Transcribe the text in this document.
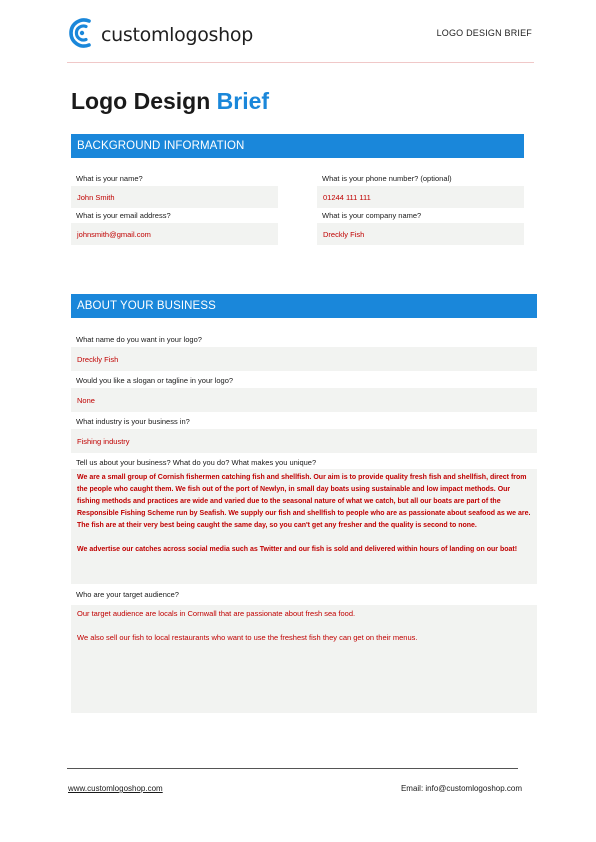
customlogoshop	LOGO DESIGN BRIEF
Logo Design Brief
BACKGROUND INFORMATION
What is your name?
John Smith
What is your email address?
johnsmith@gmail.com
What is your phone number? (optional)
01244 111 111
What is your company name?
Dreckly Fish
ABOUT YOUR BUSINESS
What name do you want in your logo?
Dreckly Fish
Would you like a slogan or tagline in your logo?
None
What industry is your business in?
Fishing industry
Tell us about your business? What do you do? What makes you unique?

We are a small group of Cornish fishermen catching fish and shellfish. Our aim is to provide quality fresh fish and shellfish, direct from the people who caught them. We fish out of the port of Newlyn, in small day boats using sustainable and low impact methods. Our fishing methods and practices are wide and varied due to the seasonal nature of what we catch, but all our boats are part of the Responsible Fishing Scheme run by Seafish. We supply our fish and shellfish to people who are as passionate about seafood as we are. The fish are at their very best being caught the same day, so you can't get any fresher and the quality is second to none.

We advertise our catches across social media such as Twitter and our fish is sold and delivered within hours of landing on our boat!

Who are your target audience?

Our target audience are locals in Cornwall that are passionate about fresh sea food.

We also sell our fish to local restaurants who want to use the freshest fish they can get on their menus.

www.customlogoshop.com	Email: info@customlogoshop.com
